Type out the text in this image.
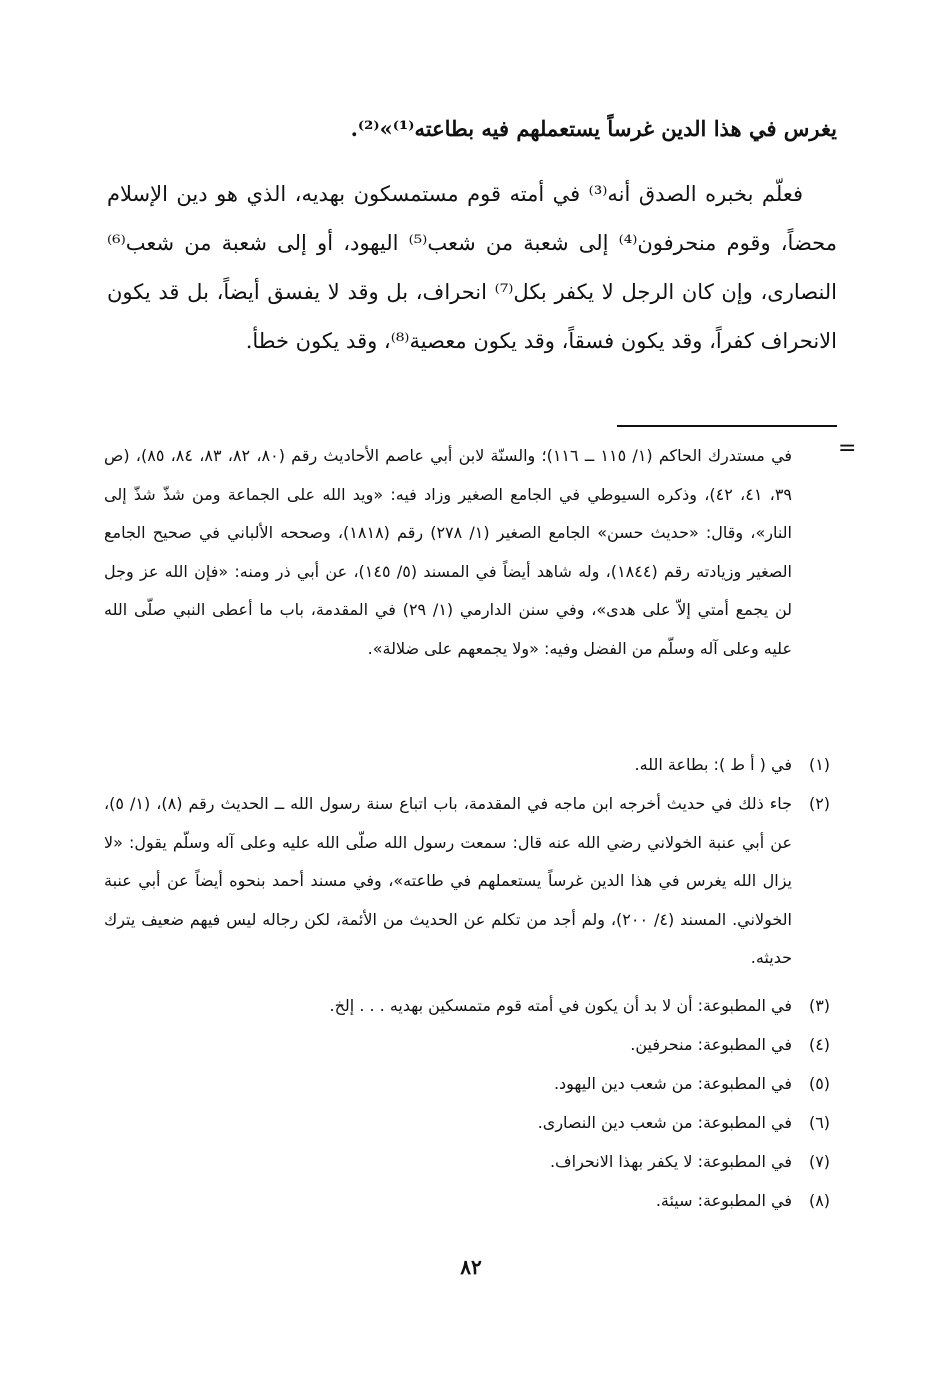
يغرس في هذا الدين غرساً يستعملهم فيه بطاعته⁽¹⁾»⁽²⁾.

فعلّم بخبره الصدق أنه⁽³⁾ في أمته قوم مستمسكون بهديه، الذي هو دين الإسلام محضاً، وقوم منحرفون⁽⁴⁾ إلى شعبة من شعب⁽⁵⁾ اليهود، أو إلى شعبة من شعب⁽⁶⁾ النصارى، وإن كان الرجل لا يكفر بكل⁽⁷⁾ انحراف، بل وقد لا يفسق أيضاً، بل قد يكون الانحراف كفراً، وقد يكون فسقاً، وقد يكون معصية⁽⁸⁾، وقد يكون خطأ.

=

في مستدرك الحاكم (١/ ١١٥ ــ ١١٦)؛ والسنّة لابن أبي عاصم الأحاديث رقم (٨٠، ٨٢، ٨٣، ٨٤، ٨٥)، (ص ٣٩، ٤١، ٤٢)، وذكره السيوطي في الجامع الصغير وزاد فيه: «ويد الله على الجماعة ومن شذّ شذّ إلى النار»، وقال: «حديث حسن» الجامع الصغير (١/ ٢٧٨) رقم (١٨١٨)، وصححه الألباني في صحيح الجامع الصغير وزيادته رقم (١٨٤٤)، وله شاهد أيضاً في المسند (٥/ ١٤٥)، عن أبي ذر ومنه: «فإن الله عز وجل لن يجمع أمتي إلاّ على هدى»، وفي سنن الدارمي (١/ ٢٩) في المقدمة، باب ما أعطى النبي صلّى الله عليه وعلى آله وسلّم من الفضل وفيه: «ولا يجمعهم على ضلالة».

(١)
في ( أ ط ): بطاعة الله.
(٢)
جاء ذلك في حديث أخرجه ابن ماجه في المقدمة، باب اتباع سنة رسول الله ــ الحديث رقم (٨)، (١/ ٥)، عن أبي عنبة الخولاني رضي الله عنه قال: سمعت رسول الله صلّى الله عليه وعلى آله وسلّم يقول: «لا يزال الله يغرس في هذا الدين غرساً يستعملهم في طاعته»، وفي مسند أحمد بنحوه أيضاً عن أبي عنبة الخولاني. المسند (٤/ ٢٠٠)، ولم أجد من تكلم عن الحديث من الأئمة، لكن رجاله ليس فيهم ضعيف يترك حديثه.
(٣)
في المطبوعة: أن لا بد أن يكون في أمته قوم متمسكين بهديه . . . إلخ.
(٤)
في المطبوعة: منحرفين.
(٥)
في المطبوعة: من شعب دين اليهود.
(٦)
في المطبوعة: من شعب دين النصارى.
(٧)
في المطبوعة: لا يكفر بهذا الانحراف.
(٨)
في المطبوعة: سيئة.
٨٢
